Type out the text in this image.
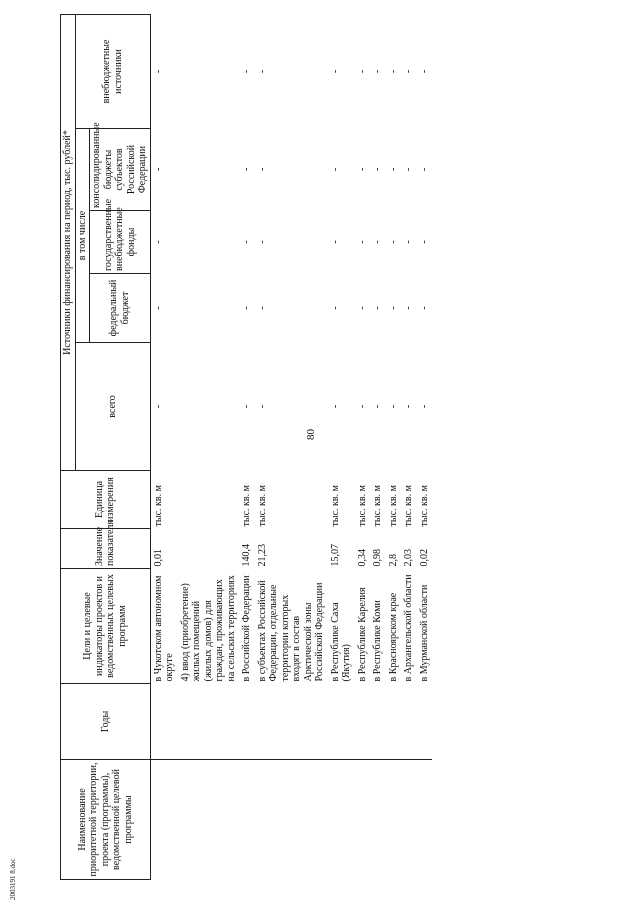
80
2003191 8.doc
Наименование приоритетной территории, проекта (программы), ведомственной целевой программы	Годы	Цели и целевые индикаторы проектов и ведомственных целевых программ	Значение показателя	Единица измерения	Источники финансирования на период, тыс. рублей*				
					всего	в том числе			внебюджетные источники
						федеральный бюджет	государственные внебюджетные фонды	консолидированные бюджеты субъектов Российской Федерации	
		в Чукотском автономном округе	0,01	тыс. кв. м	-	-	-	-	-
		4) ввод (приобретение) жилых помещений (жилых домов) для граждан, проживающих на сельских территориях							
		в Российской Федерации	140,4	тыс. кв. м	-	-	-	-	-
		в субъектах Российской Федерации, отдельные территории которых входят в состав Арктической зоны Российской Федерации	21,23	тыс. кв. м	-	-	-	-	-
		в Республике Саха (Якутия)	15,07	тыс. кв. м	-	-	-	-	-
		в Республике Карелия	0,34	тыс. кв. м	-	-	-	-	-
		в Республике Коми	0,98	тыс. кв. м	-	-	-	-	-
		в Красноярском крае	2,8	тыс. кв. м	-	-	-	-	-
		в Архангельской области	2,03	тыс. кв. м	-	-	-	-	-
		в Мурманской области	0,02	тыс. кв. м	-	-	-	-	-
